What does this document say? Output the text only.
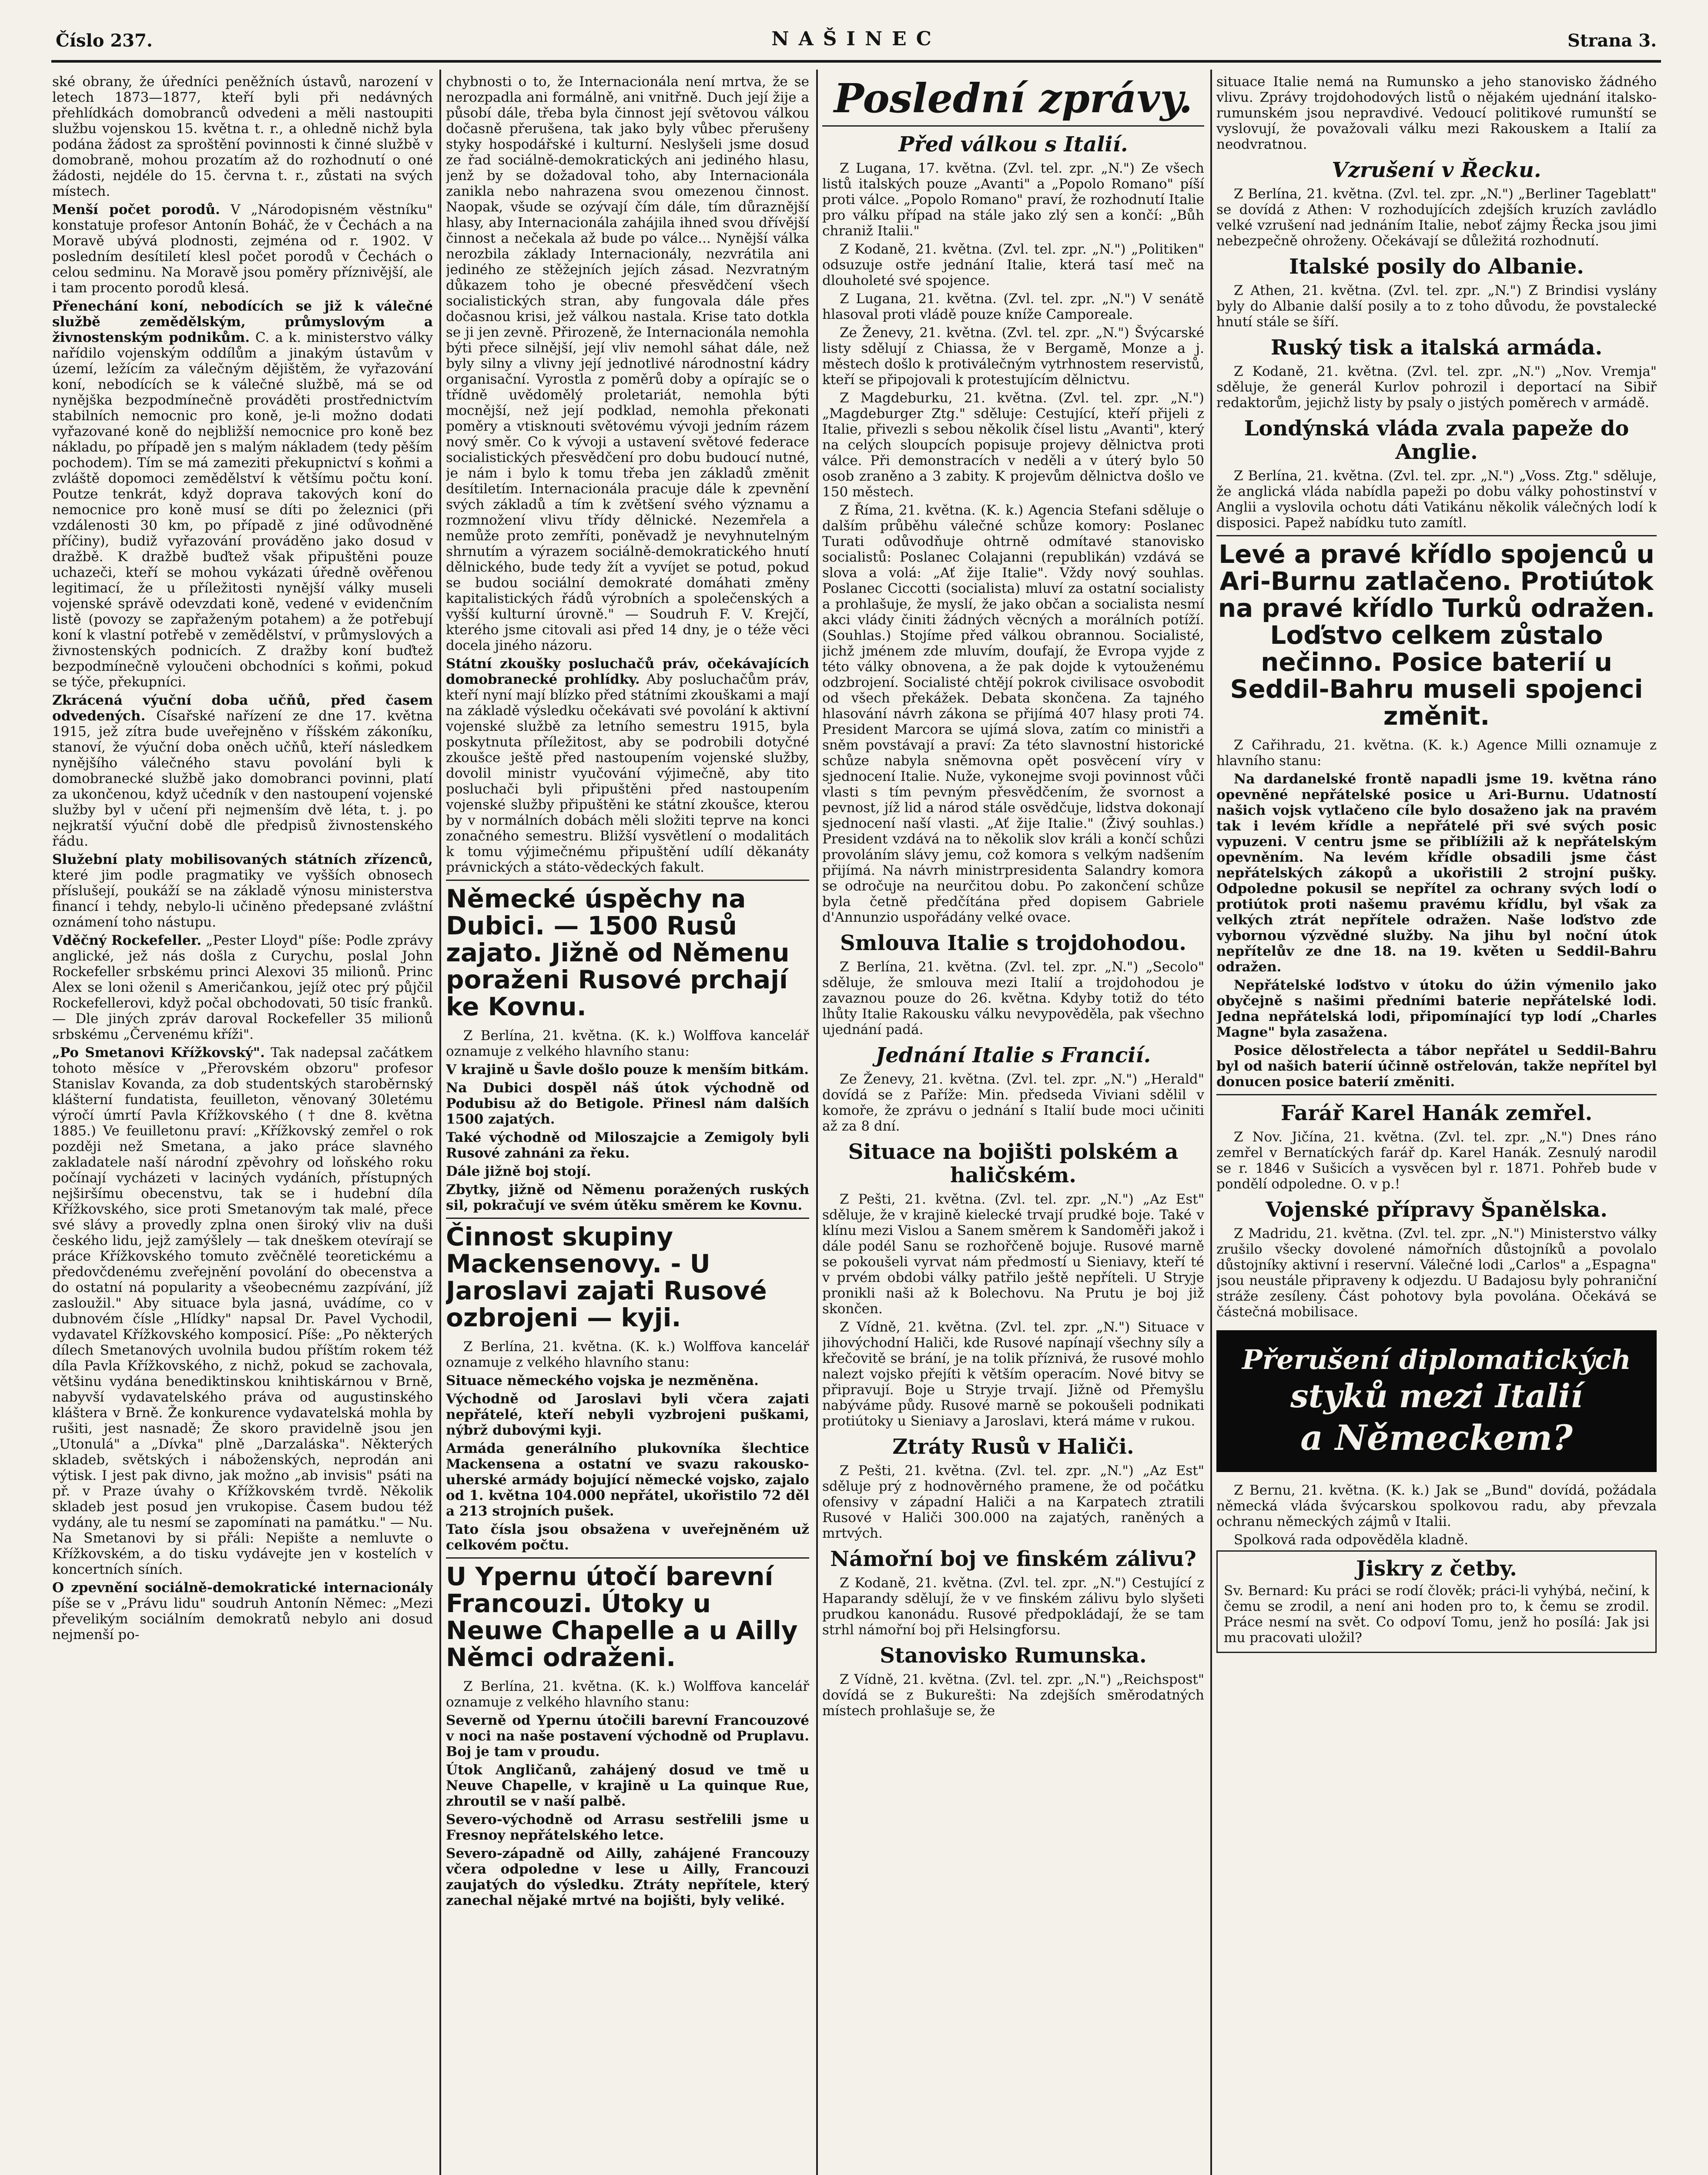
Číslo 237.	NAŠINEC	Strana 3.

ské obrany, že úředníci peněžních ústavů, narození v letech 1873—1877, kteří byli při nedávných přehlídkách domobranců odvedeni a měli nastoupiti službu vojenskou 15. května t. r., a ohledně nichž byla podána žádost za sproštění povinnosti k činné službě v domobraně, mohou prozatím až do rozhodnutí o oné žádosti, nejdéle do 15. června t. r., zůstati na svých místech.

Menší počet porodů. V „Národopisném věstníku" konstatuje profesor Antonín Boháč, že v Čechách a na Moravě ubývá plodnosti, zejména od r. 1902. V posledním desítiletí klesl počet porodů v Čechách o celou sedminu. Na Moravě jsou poměry příznivější, ale i tam procento porodů klesá.

Přenechání koní, nebodících se již k válečné službě zemědělským, průmyslovým a živnostenským podnikům. C. a k. ministerstvo války nařídilo vojenským oddílům a jinakým ústavům v území, ležícím za válečným dějištěm, že vyřazování koní, nebodících se k válečné službě, má se od nynějška bezpodmínečně prováděti prostřednictvím stabilních nemocnic pro koně, je-li možno dodati vyřazované koně do nejbližší nemocnice pro koně bez nákladu, po případě jen s malým nákladem (tedy pěším pochodem). Tím se má zameziti překupnictví s koňmi a zvláště dopomoci zemědělství k většímu počtu koní. Poutze tenkrát, když doprava takových koní do nemocnice pro koně musí se díti po železnici (při vzdálenosti 30 km, po případě z jiné odůvodněné příčiny), budiž vyřazování prováděno jako dosud v dražbě. K dražbě buďtež však připuštěni pouze uchazeči, kteří se mohou vykázati úředně ověřenou legitimací, že u příležitosti nynější války museli vojenské správě odevzdati koně, vedené v evidenčním listě (povozy se zapřaženým potahem) a že potřebují koní k vlastní potřebě v zemědělství, v průmyslových a živnostenských podnicích. Z dražby koní buďtež bezpodmínečně vyloučeni obchodníci s koňmi, pokud se týče, překupníci.

Zkrácená výuční doba učňů, před časem odvedených. Císařské nařízení ze dne 17. května 1915, jež zítra bude uveřejněno v říšském zákoníku, stanoví, že výuční doba oněch učňů, kteří následkem nynějšího válečného stavu povolání byli k domobranecké službě jako domobranci povinni, platí za ukončenou, když učedník v den nastoupení vojenské služby byl v učení při nejmenším dvě léta, t. j. po nejkratší výuční době dle předpisů živnostenského řádu.

Služební platy mobilisovaných státních zřízenců, které jim podle pragmatiky ve vyšších obnosech příslušejí, poukáží se na základě výnosu ministerstva financí i tehdy, nebylo-li učiněno předepsané zvláštní oznámení toho nástupu.

Vděčný Rockefeller. „Pester Lloyd" píše: Podle zprávy anglické, jež nás došla z Curychu, poslal John Rockefeller srbskému princi Alexovi 35 milionů. Princ Alex se loni oženil s Američankou, jejíž otec prý půjčil Rockefellerovi, když počal obchodovati, 50 tisíc franků. — Dle jiných zpráv daroval Rockefeller 35 milionů srbskému „Červenému kříži".

„Po Smetanovi Křížkovský". Tak nadepsal začátkem tohoto měsíce v „Přerovském obzoru" profesor Stanislav Kovanda, za dob studentských staroběrnský klášterní fundatista, feuilleton, věnovaný 30letému výročí úmrtí Pavla Křížkovského († dne 8. května 1885.) Ve feuilletonu praví: „Křížkovský zemřel o rok později než Smetana, a jako práce slavného zakladatele naší národní zpěvohry od loňského roku počínají vycházeti v laciných vydáních, přístupných nejširšímu obecenstvu, tak se i hudební díla Křížkovského, sice proti Smetanovým tak malé, přece své slávy a provedly zplna onen široký vliv na duši českého lidu, jejž zamýšlely — tak dneškem otevírají se práce Křížkovského tomuto zvěčnělé teoretickému a předovčdenému zveřejnění povolání do obecenstva a do ostatní ná popularity a všeobecnému zazpívání, jíž zasloužil." Aby situace byla jasná, uvádíme, co v dubnovém čísle „Hlídky" napsal Dr. Pavel Vychodil, vydavatel Křížkovského komposicí. Píše: „Po některých dílech Smetanových uvolnila budou příštím rokem též díla Pavla Křížkovského, z nichž, pokud se zachovala, většinu vydána benediktinskou knihtiskárnou v Brně, nabyvší vydavatelského práva od augustinského kláštera v Brně. Že konkurence vydavatelská mohla by rušiti, jest nasnadě; Že skoro pravidelně jsou jen „Utonulá" a „Dívka" plně „Darzaláska". Některých skladeb, světských i náboženských, neprodán ani výtisk. I jest pak divno, jak možno „ab invisis" psáti na př. v Praze úvahy o Křížkovském tvrdě. Několik skladeb jest posud jen vrukopise. Časem budou též vydány, ale tu nesmí se zapomínati na památku." — Nu. Na Smetanovi by si přáli: Nepište a nemluvte o Křížkovském, a do tisku vydávejte jen v kostelích v koncertních síních.

O zpevnění sociálně-demokratické internacionály píše se v „Právu lidu" soudruh Antonín Němec: „Mezi převelikým sociálním demokratů nebylo ani dosud nejmenší po-

chybnosti o to, že Internacionála není mrtva, že se nerozpadla ani formálně, ani vnitřně. Duch její žije a působí dále, třeba byla činnost její světovou válkou dočasně přerušena, tak jako byly vůbec přerušeny styky hospodářské i kulturní. Neslyšeli jsme dosud ze řad sociálně-demokratických ani jediného hlasu, jenž by se dožadoval toho, aby Internacionála zanikla nebo nahrazena svou omezenou činnost. Naopak, všude se ozývají čím dále, tím důraznější hlasy, aby Internacionála zahájila ihned svou dřívější činnost a nečekala až bude po válce... Nynější válka nerozbila základy Internacionály, nezvrátila ani jediného ze stěžejních jejích zásad. Nezvratným důkazem toho je obecné přesvědčení všech socialistických stran, aby fungovala dále přes dočasnou krisi, jež válkou nastala. Krise tato dotkla se ji jen zevně. Přirozeně, že Internacionála nemohla býti přece silnější, její vliv nemohl sáhat dále, než byly silny a vlivny její jednotlivé národnostní kádry organisační. Vyrostla z poměrů doby a opírajíc se o třídně uvědomělý proletariát, nemohla býti mocnější, než její podklad, nemohla překonati poměry a vtisknouti světovému vývoji jedním rázem nový směr. Co k vývoji a ustavení světové federace socialistických přesvědčení pro dobu budoucí nutné, je nám i bylo k tomu třeba jen základů změnit desítiletím. Internacionála pracuje dále k zpevnění svých základů a tím k zvětšení svého významu a rozmnožení vlivu třídy dělnické. Nezemřela a nemůže proto zemříti, poněvadž je nevyhnutelným shrnutím a výrazem sociálně-demokratického hnutí dělnického, bude tedy žít a vyvíjet se potud, pokud se budou sociální demokraté domáhati změny kapitalistických řádů výrobních a společenských a vyšší kulturní úrovně." — Soudruh F. V. Krejčí, kterého jsme citovali asi před 14 dny, je o téže věci docela jiného názoru.

Státní zkoušky posluchačů práv, očekávajících domobranecké prohlídky. Aby posluchačům práv, kteří nyní mají blízko před státními zkouškami a mají na základě výsledku očekávati své povolání k aktivní vojenské službě za letního semestru 1915, byla poskytnuta příležitost, aby se podrobili dotyčné zkoušce ještě před nastoupením vojenské služby, dovolil ministr vyučování výjimečně, aby tito posluchači byli připuštěni před nastoupením vojenské služby připuštěni ke státní zkoušce, kterou by v normálních dobách měli složiti teprve na konci zonačného semestru. Bližší vysvětlení o modalitách k tomu výjimečnému připuštění udílí děkanáty právnických a státo-vědeckých fakult.

Německé úspěchy na Dubici. — 1500 Rusů zajato. Jižně od Němenu poraženi Rusové prchají ke Kovnu.

Z Berlína, 21. května. (K. k.) Wolffova kancelář oznamuje z velkého hlavního stanu:

V krajině u Šavle došlo pouze k menším bitkám.

Na Dubici dospěl náš útok východně od Podubisu až do Betigole. Přinesl nám dalších 1500 zajatých.

Také východně od Miloszajcie a Zemigoly byli Rusové zahnáni za řeku.

Dále jižně boj stojí.

Zbytky, jižně od Němenu poražených ruských sil, pokračují ve svém útěku směrem ke Kovnu.

Činnost skupiny Mackensenovy. - U Jaroslavi zajati Rusové ozbrojeni — kyji.

Z Berlína, 21. května. (K. k.) Wolffova kancelář oznamuje z velkého hlavního stanu:

Situace německého vojska je nezměněna.

Východně od Jaroslavi byli včera zajati nepřátelé, kteří nebyli vyzbrojeni puškami, nýbrž dubovými kyji.

Armáda generálního plukovníka šlechtice Mackensena a ostatní ve svazu rakousko-uherské armády bojující německé vojsko, zajalo od 1. května 104.000 nepřátel, ukořistilo 72 děl a 213 strojních pušek.

Tato čísla jsou obsažena v uveřejněném už celkovém počtu.

U Ypernu útočí barevní Francouzi. Útoky u Neuwe Chapelle a u Ailly Němci odraženi.

Z Berlína, 21. května. (K. k.) Wolffova kancelář oznamuje z velkého hlavního stanu:

Severně od Ypernu útočili barevní Francouzové v noci na naše postavení východně od Pruplavu. Boj je tam v proudu.

Útok Angličanů, zahájený dosud ve tmě u Neuve Chapelle, v krajině u La quinque Rue, zhroutil se v naší palbě.

Severo-východně od Arrasu sestřelili jsme u Fresnoy nepřátelského letce.

Severo-západně od Ailly, zahájené Francouzy včera odpoledne v lese u Ailly, Francouzi zaujatých do výsledku. Ztráty nepřítele, který zanechal nějaké mrtvé na bojišti, byly veliké.

Poslední zprávy.
Před válkou s Italií.

Z Lugana, 17. května. (Zvl. tel. zpr. „N.") Ze všech listů italských pouze „Avanti" a „Popolo Romano" píší proti válce. „Popolo Romano" praví, že rozhodnutí Italie pro válku případ na stále jako zlý sen a končí: „Bůh chraniž Italii."

Z Kodaně, 21. května. (Zvl. tel. zpr. „N.") „Politiken" odsuzuje ostře jednání Italie, která tasí meč na dlouholeté své spojence.

Z Lugana, 21. května. (Zvl. tel. zpr. „N.") V senátě hlasoval proti vládě pouze kníže Camporeale.

Ze Ženevy, 21. května. (Zvl. tel. zpr. „N.") Švýcarské listy sdělují z Chiassa, že v Bergamě, Monze a j. městech došlo k protiválečným vytrhnostem reservistů, kteří se připojovali k protestujícím dělnictvu.

Z Magdeburku, 21. května. (Zvl. tel. zpr. „N.") „Magdeburger Ztg." sděluje: Cestující, kteří přijeli z Italie, přivezli s sebou několik čísel listu „Avanti", který na celých sloupcích popisuje projevy dělnictva proti válce. Při demonstracích v neděli a v úterý bylo 50 osob zraněno a 3 zabity. K projevům dělnictva došlo ve 150 městech.

Z Říma, 21. května. (K. k.) Agencia Stefani sděluje o dalším průběhu válečné schůze komory: Poslanec Turati odůvodňuje ohtrně odmítavé stanovisko socialistů: Poslanec Colajanni (republikán) vzdává se slova a volá: „Ať žije Italie". Vždy nový souhlas. Poslanec Ciccotti (socialista) mluví za ostatní socialisty a prohlašuje, že myslí, že jako občan a socialista nesmí akci vlády činiti žádných věcných a morálních potíží. (Souhlas.) Stojíme před válkou obrannou. Socialisté, jichž jménem zde mluvím, doufají, že Evropa vyjde z této války obnovena, a že pak dojde k vytouženému odzbrojení. Socialisté chtějí pokrok civilisace osvobodit od všech překážek. Debata skončena. Za tajného hlasování návrh zákona se přijímá 407 hlasy proti 74. President Marcora se ujímá slova, zatím co ministři a sněm povstávají a praví: Za této slavnostní historické schůze nabyla sněmovna opět posvěcení víry v sjednocení Italie. Nuže, vykonejme svoji povinnost vůči vlasti s tím pevným přesvědčením, že svornost a pevnost, jíž lid a národ stále osvědčuje, lidstva dokonají sjednocení naší vlasti. „Ať žije Italie." (Živý souhlas.) President vzdává na to několik slov králi a končí schůzi provoláním slávy jemu, což komora s velkým nadšením přijímá. Na návrh ministrpresidenta Salandry komora se odročuje na neurčitou dobu. Po zakončení schůze byla četně předčítána před dopisem Gabriele d'Annunzio uspořádány velké ovace.

Smlouva Italie s trojdohodou.

Z Berlína, 21. května. (Zvl. tel. zpr. „N.") „Secolo" sděluje, že smlouva mezi Italií a trojdohodou je zavaznou pouze do 26. května. Kdyby totiž do této lhůty Italie Rakousku válku nevypověděla, pak všechno ujednání padá.

Jednání Italie s Francií.

Ze Ženevy, 21. května. (Zvl. tel. zpr. „N.") „Herald" dovídá se z Paříže: Min. předseda Viviani sdělil v komoře, že zprávu o jednání s Italií bude moci učiniti až za 8 dní.

Situace na bojišti polském a haličském.

Z Pešti, 21. května. (Zvl. tel. zpr. „N.") „Az Est" sděluje, že v krajině kielecké trvají prudké boje. Také v klínu mezi Vislou a Sanem směrem k Sandoměři jakož i dále podél Sanu se rozhořčeně bojuje. Rusové marně se pokoušeli vyrvat nám předmostí u Sieniavy, kteří té v prvém obdobi války patřilo ještě nepříteli. U Stryje pronikli naši až k Bolechovu. Na Prutu je boj již skončen.

Z Vídně, 21. května. (Zvl. tel. zpr. „N.") Situace v jihovýchodní Haliči, kde Rusové napínají všechny síly a křečovitě se brání, je na tolik příznivá, že rusové mohlo nalezt vojsko přejíti k větším operacím. Nové bitvy se připravují. Boje u Stryje trvají. Jižně od Přemyšlu nabýváme půdy. Rusové marně se pokoušeli podnikati protiútoky u Sieniavy a Jaroslavi, která máme v rukou.

Ztráty Rusů v Haliči.

Z Pešti, 21. května. (Zvl. tel. zpr. „N.") „Az Est" sděluje prý z hodnověrného pramene, že od počátku ofensivy v západní Haliči a na Karpatech ztratili Rusové v Haliči 300.000 na zajatých, raněných a mrtvých.

Námořní boj ve finském zálivu?

Z Kodaně, 21. května. (Zvl. tel. zpr. „N.") Cestující z Haparandy sdělují, že v ve finském zálivu bylo slyšeti prudkou kanonádu. Rusové předpokládají, že se tam strhl námořní boj při Helsingforsu.

Stanovisko Rumunska.

Z Vídně, 21. května. (Zvl. tel. zpr. „N.") „Reichspost" dovídá se z Bukurešti: Na zdejších směrodatných místech prohlašuje se, že

situace Italie nemá na Rumunsko a jeho stanovisko žádného vlivu. Zprávy trojdohodových listů o nějakém ujednání italsko-rumunském jsou nepravdivé. Vedoucí politikové rumunští se vyslovují, že považovali válku mezi Rakouskem a Italií za neodvratnou.

Vzrušení v Řecku.

Z Berlína, 21. května. (Zvl. tel. zpr. „N.") „Berliner Tageblatt" se dovídá z Athen: V rozhodujících zdejších kruzích zavládlo velké vzrušení nad jednáním Italie, neboť zájmy Řecka jsou jimi nebezpečně ohroženy. Očekávají se důležitá rozhodnutí.

Italské posily do Albanie.

Z Athen, 21. května. (Zvl. tel. zpr. „N.") Z Brindisi vyslány byly do Albanie další posily a to z toho důvodu, že povstalecké hnutí stále se šíří.

Ruský tisk a italská armáda.

Z Kodaně, 21. května. (Zvl. tel. zpr. „N.") „Nov. Vremja" sděluje, že generál Kurlov pohrozil i deportací na Sibiř redaktorům, jejichž listy by psaly o jistých poměrech v armádě.

Londýnská vláda zvala papeže do Anglie.

Z Berlína, 21. května. (Zvl. tel. zpr. „N.") „Voss. Ztg." sděluje, že anglická vláda nabídla papeži po dobu války pohostinství v Anglii a vyslovila ochotu dáti Vatikánu několik válečných lodí k disposici. Papež nabídku tuto zamítl.

Levé a pravé křídlo spojenců u Ari-Burnu zatlačeno. Protiútok na pravé křídlo Turků odražen. Loďstvo celkem zůstalo nečinno. Posice baterií u Seddil-Bahru museli spojenci změnit.

Z Cařihradu, 21. května. (K. k.) Agence Milli oznamuje z hlavního stanu:

Na dardanelské frontě napadli jsme 19. května ráno opevněné nepřátelské posice u Ari-Burnu. Udatností našich vojsk vytlačeno cíle bylo dosaženo jak na pravém tak i levém křídle a nepřátelé při své svých posic vypuzeni. V centru jsme se přiblížili až k nepřátelským opevněním. Na levém křídle obsadili jsme část nepřátelských zákopů a ukořistili 2 strojní pušky. Odpoledne pokusil se nepřítel za ochrany svých lodí o protiútok proti našemu pravému křídlu, byl však za velkých ztrát nepřítele odražen. Naše loďstvo zde vybornou výzvědné služby. Na jihu byl noční útok nepřítelův ze dne 18. na 19. květen u Seddil-Bahru odražen.

Nepřátelské loďstvo v útoku do úžin výmenilo jako obyčejně s našimi předními baterie nepřátelské lodi. Jedna nepřátelská lodi, připomínající typ lodí „Charles Magne" byla zasažena.

Posice dělostřelecta a tábor nepřátel u Seddil-Bahru byl od našich baterií účinně ostřelován, takže nepřítel byl donucen posice baterií změniti.

Farář Karel Hanák zemřel.

Z Nov. Jičína, 21. května. (Zvl. tel. zpr. „N.") Dnes ráno zemřel v Bernatíckých farář dp. Karel Hanák. Zesnulý narodil se r. 1846 v Sušicích a vysvěcen byl r. 1871. Pohřeb bude v pondělí odpoledne. O. v p.!

Vojenské přípravy Španělska.

Z Madridu, 21. května. (Zvl. tel. zpr. „N.") Ministerstvo války zrušilo všecky dovolené námořních důstojníků a povolalo důstojníky aktivní i reservní. Válečné lodi „Carlos" a „Espagna" jsou neustále připraveny k odjezdu. U Badajosu byly pohraniční stráže zesíleny. Část pohotovy byla povolána. Očekává se částečná mobilisace.

Přerušení diplomatických
styků mezi Italií
a Německem?

Z Bernu, 21. května. (K. k.) Jak se „Bund" dovídá, požádala německá vláda švýcarskou spolkovou radu, aby převzala ochranu německých zájmů v Italii.

Spolková rada odpověděla kladně.

Jiskry z četby.

Sv. Bernard: Ku práci se rodí člověk; práci-li vyhýbá, nečiní, k čemu se zrodil, a není ani hoden pro to, k čemu se zrodil. Práce nesmí na svět. Co odpoví Tomu, jenž ho posílá: Jak jsi mu pracovati uložil?
